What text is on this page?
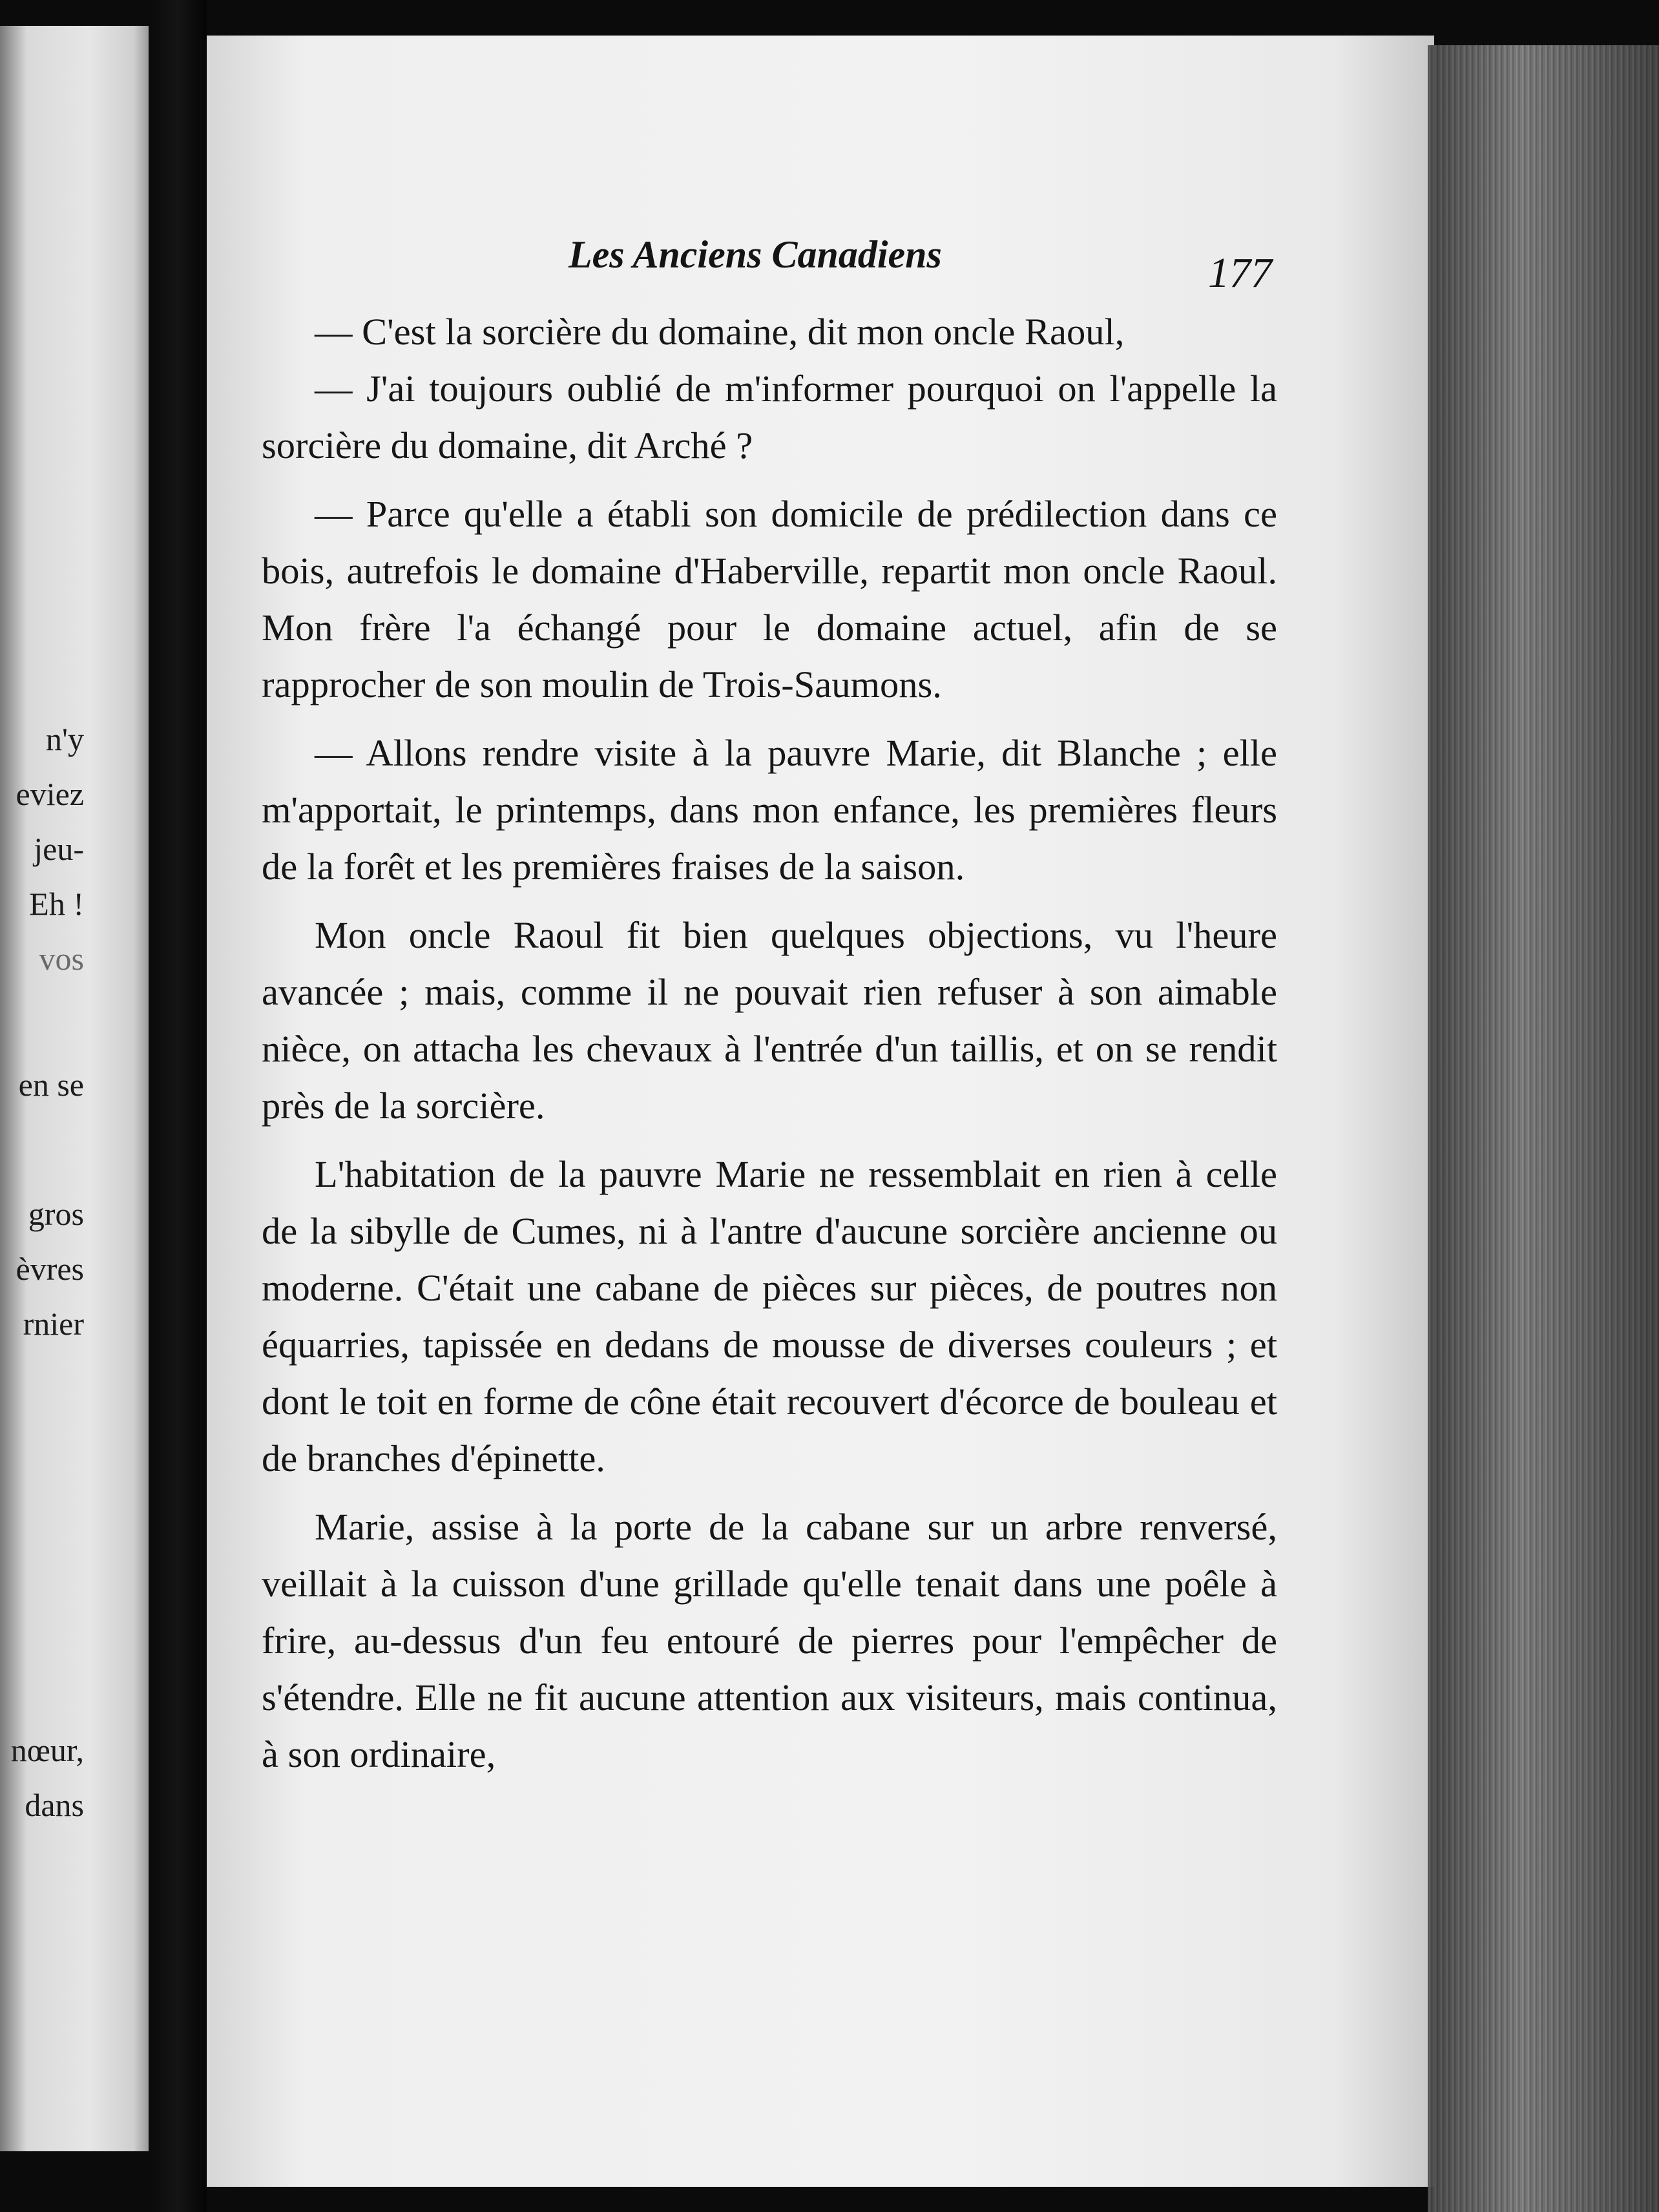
n'y
eviez
jeu-
Eh !
vos
en se
gros
èvres
rnier
nœur,
dans
Les Anciens Canadiens	177

— C'est la sorcière du domaine, dit mon oncle Raoul,

— J'ai toujours oublié de m'informer pourquoi on l'appelle la sorcière du domaine, dit Arché ?

— Parce qu'elle a établi son domicile de prédilection dans ce bois, autrefois le domaine d'Haberville, repartit mon oncle Raoul. Mon frère l'a échangé pour le domaine actuel, afin de se rapprocher de son moulin de Trois-Saumons.

— Allons rendre visite à la pauvre Marie, dit Blanche ; elle m'apportait, le printemps, dans mon enfance, les premières fleurs de la forêt et les premières fraises de la saison.

Mon oncle Raoul fit bien quelques objections, vu l'heure avancée ; mais, comme il ne pouvait rien refuser à son aimable nièce, on attacha les chevaux à l'entrée d'un taillis, et on se rendit près de la sorcière.

L'habitation de la pauvre Marie ne ressemblait en rien à celle de la sibylle de Cumes, ni à l'antre d'aucune sorcière ancienne ou moderne. C'était une cabane de pièces sur pièces, de poutres non équarries, tapissée en dedans de mousse de diverses couleurs ; et dont le toit en forme de cône était recouvert d'écorce de bouleau et de branches d'épinette.

Marie, assise à la porte de la cabane sur un arbre renversé, veillait à la cuisson d'une grillade qu'elle tenait dans une poêle à frire, au-dessus d'un feu entouré de pierres pour l'empêcher de s'étendre. Elle ne fit aucune attention aux visiteurs, mais continua, à son ordinaire,
